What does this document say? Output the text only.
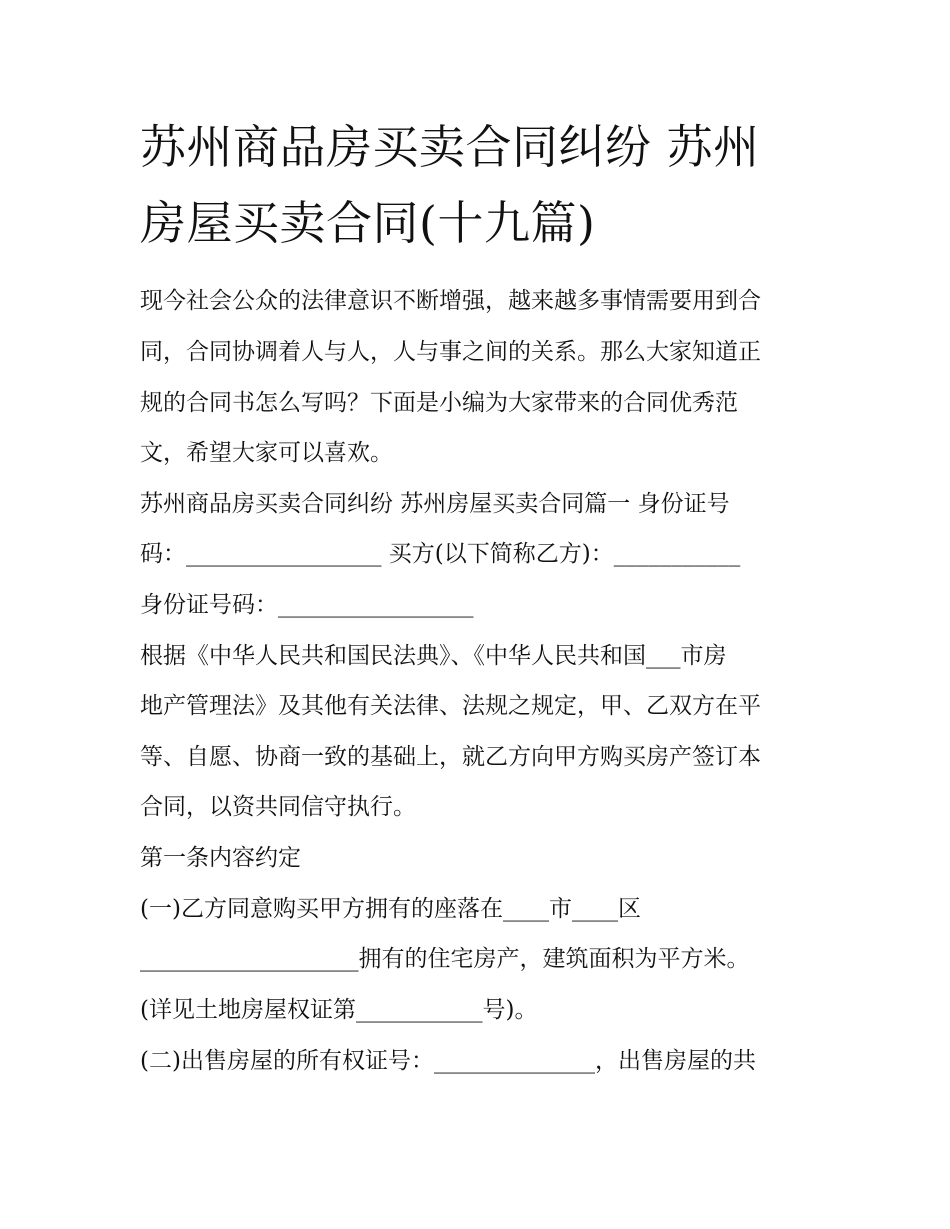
苏州商品房买卖合同纠纷 苏州
房屋买卖合同(十九篇)
现今社会公众的法律意识不断增强，越来越多事情需要用到合
同，合同协调着人与人，人与事之间的关系。那么大家知道正
规的合同书怎么写吗？下面是小编为大家带来的合同优秀范
文，希望大家可以喜欢。
苏州商品房买卖合同纠纷 苏州房屋买卖合同篇一 身份证号
码：_________________ 买方(以下简称乙方)：___________
身份证号码：_________________
根据《中华人民共和国民法典》、《中华人民共和国___市房
地产管理法》及其他有关法律、法规之规定，甲、乙双方在平
等、自愿、协商一致的基础上，就乙方向甲方购买房产签订本
合同，以资共同信守执行。
第一条内容约定
(一)乙方同意购买甲方拥有的座落在____市____区
___________________拥有的住宅房产，建筑面积为平方米。
(详见土地房屋权证第___________号)。
(二)出售房屋的所有权证号：______________，出售房屋的共
